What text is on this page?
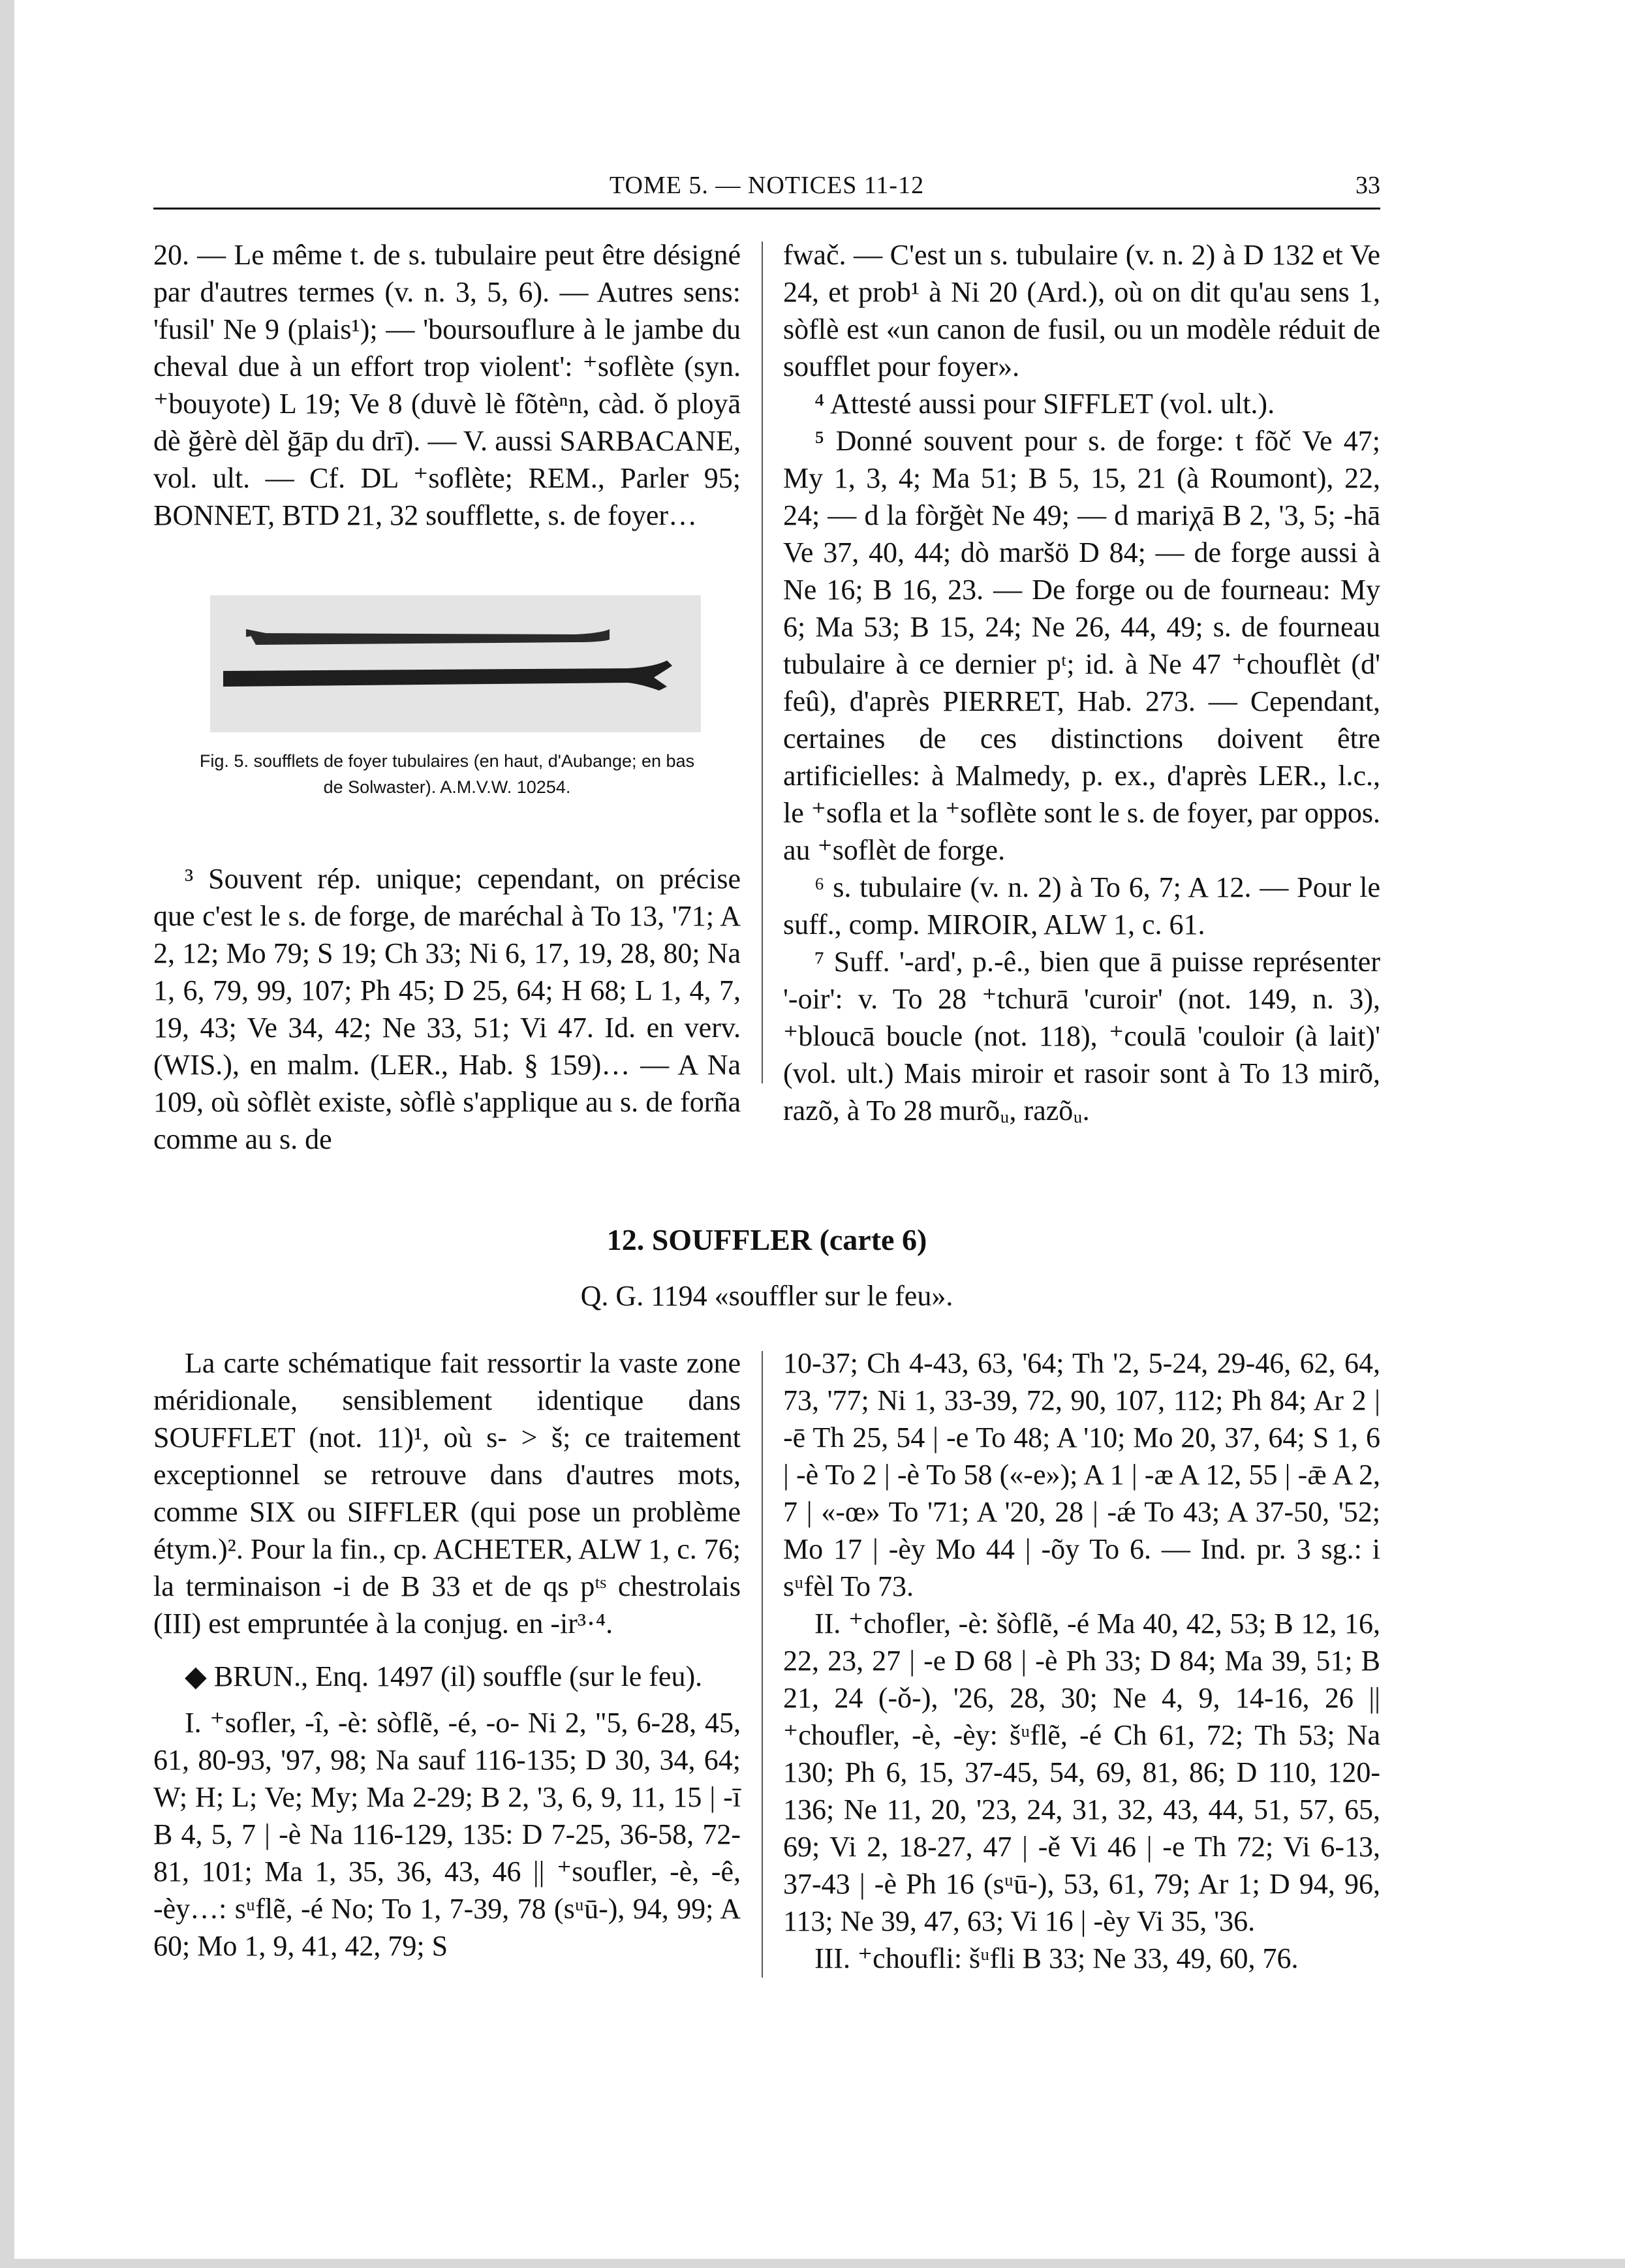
TOME 5. — NOTICES 11-12	33

20. — Le même t. de s. tubulaire peut être désigné par d'autres termes (v. n. 3, 5, 6). — Autres sens: 'fusil' Ne 9 (plais¹); — 'boursouflure à le jambe du cheval due à un effort trop violent': ⁺soflète (syn. ⁺bouyote) L 19; Ve 8 (duvè lè fõtèⁿn, càd. ǒ ployā dè ğèrè dèl ğāp du drī). — V. aussi SARBACANE, vol. ult. — Cf. DL ⁺soflète; REM., Parler 95; BONNET, BTD 21, 32 soufflette, s. de foyer…

Fig. 5. soufflets de foyer tubulaires (en haut, d'Aubange; en bas
de Solwaster). A.M.V.W. 10254.

³ Souvent rép. unique; cependant, on précise que c'est le s. de forge, de maréchal à To 13, '71; A 2, 12; Mo 79; S 19; Ch 33; Ni 6, 17, 19, 28, 80; Na 1, 6, 79, 99, 107; Ph 45; D 25, 64; H 68; L 1, 4, 7, 19, 43; Ve 34, 42; Ne 33, 51; Vi 47. Id. en verv. (WIS.), en malm. (LER., Hab. § 159)… — A Na 109, où sòflèt existe, sòflè s'applique au s. de forña comme au s. de

fwač. — C'est un s. tubulaire (v. n. 2) à D 132 et Ve 24, et prob¹ à Ni 20 (Ard.), où on dit qu'au sens 1, sòflè est «un canon de fusil, ou un modèle réduit de soufflet pour foyer».

⁴ Attesté aussi pour SIFFLET (vol. ult.).

⁵ Donné souvent pour s. de forge: t fõč Ve 47; My 1, 3, 4; Ma 51; B 5, 15, 21 (à Roumont), 22, 24; — d la fòrğèt Ne 49; — d mariχā B 2, '3, 5; -hā Ve 37, 40, 44; dò maršö D 84; — de forge aussi à Ne 16; B 16, 23. — De forge ou de fourneau: My 6; Ma 53; B 15, 24; Ne 26, 44, 49; s. de fourneau tubulaire à ce dernier pᵗ; id. à Ne 47 ⁺chouflèt (d' feû), d'après PIERRET, Hab. 273. — Cependant, certaines de ces distinctions doivent être artificielles: à Malmedy, p. ex., d'après LER., l.c., le ⁺sofla et la ⁺soflète sont le s. de foyer, par oppos. au ⁺soflèt de forge.

⁶ s. tubulaire (v. n. 2) à To 6, 7; A 12. — Pour le suff., comp. MIROIR, ALW 1, c. 61.

⁷ Suff. '-ard', p.-ê., bien que ā puisse représenter '-oir': v. To 28 ⁺tchurā 'curoir' (not. 149, n. 3), ⁺bloucā boucle (not. 118), ⁺coulā 'couloir (à lait)' (vol. ult.) Mais miroir et rasoir sont à To 13 mirõ, razõ, à To 28 murõᵤ, razõᵤ.

12. SOUFFLER (carte 6)
Q. G. 1194 «souffler sur le feu».

La carte schématique fait ressortir la vaste zone méridionale, sensiblement identique dans SOUFFLET (not. 11)¹, où s- > š; ce traitement exceptionnel se retrouve dans d'autres mots, comme SIX ou SIFFLER (qui pose un problème étym.)². Pour la fin., cp. ACHETER, ALW 1, c. 76; la terminaison -i de B 33 et de qs pᵗˢ chestrolais (III) est empruntée à la conjug. en -ir³·⁴.

◆ BRUN., Enq. 1497 (il) souffle (sur le feu).

I. ⁺sofler, -î, -è: sòflẽ, -é, -o- Ni 2, "5, 6-28, 45, 61, 80-93, '97, 98; Na sauf 116-135; D 30, 34, 64; W; H; L; Ve; My; Ma 2-29; B 2, '3, 6, 9, 11, 15 | -ī B 4, 5, 7 | -è Na 116-129, 135: D 7-25, 36-58, 72-81, 101; Ma 1, 35, 36, 43, 46 || ⁺soufler, -è, -ê, -èy…: sᵘflẽ, -é No; To 1, 7-39, 78 (sᵘū-), 94, 99; A 60; Mo 1, 9, 41, 42, 79; S

10-37; Ch 4-43, 63, '64; Th '2, 5-24, 29-46, 62, 64, 73, '77; Ni 1, 33-39, 72, 90, 107, 112; Ph 84; Ar 2 | -ē Th 25, 54 | -e To 48; A '10; Mo 20, 37, 64; S 1, 6 | -è To 2 | -è To 58 («-e»); A 1 | -æ A 12, 55 | -ǣ A 2, 7 | «-œ» To '71; A '20, 28 | -ǽ To 43; A 37-50, '52; Mo 17 | -èy Mo 44 | -õy To 6. — Ind. pr. 3 sg.: i sᵘfèl To 73.

II. ⁺chofler, -è: šòflẽ, -é Ma 40, 42, 53; B 12, 16, 22, 23, 27 | -e D 68 | -è Ph 33; D 84; Ma 39, 51; B 21, 24 (-ǒ-), '26, 28, 30; Ne 4, 9, 14-16, 26 || ⁺choufler, -è, -èy: šᵘflẽ, -é Ch 61, 72; Th 53; Na 130; Ph 6, 15, 37-45, 54, 69, 81, 86; D 110, 120-136; Ne 11, 20, '23, 24, 31, 32, 43, 44, 51, 57, 65, 69; Vi 2, 18-27, 47 | -ě Vi 46 | -e Th 72; Vi 6-13, 37-43 | -è Ph 16 (sᵘū-), 53, 61, 79; Ar 1; D 94, 96, 113; Ne 39, 47, 63; Vi 16 | -èy Vi 35, '36.

III. ⁺choufli: šᵘfli B 33; Ne 33, 49, 60, 76.
